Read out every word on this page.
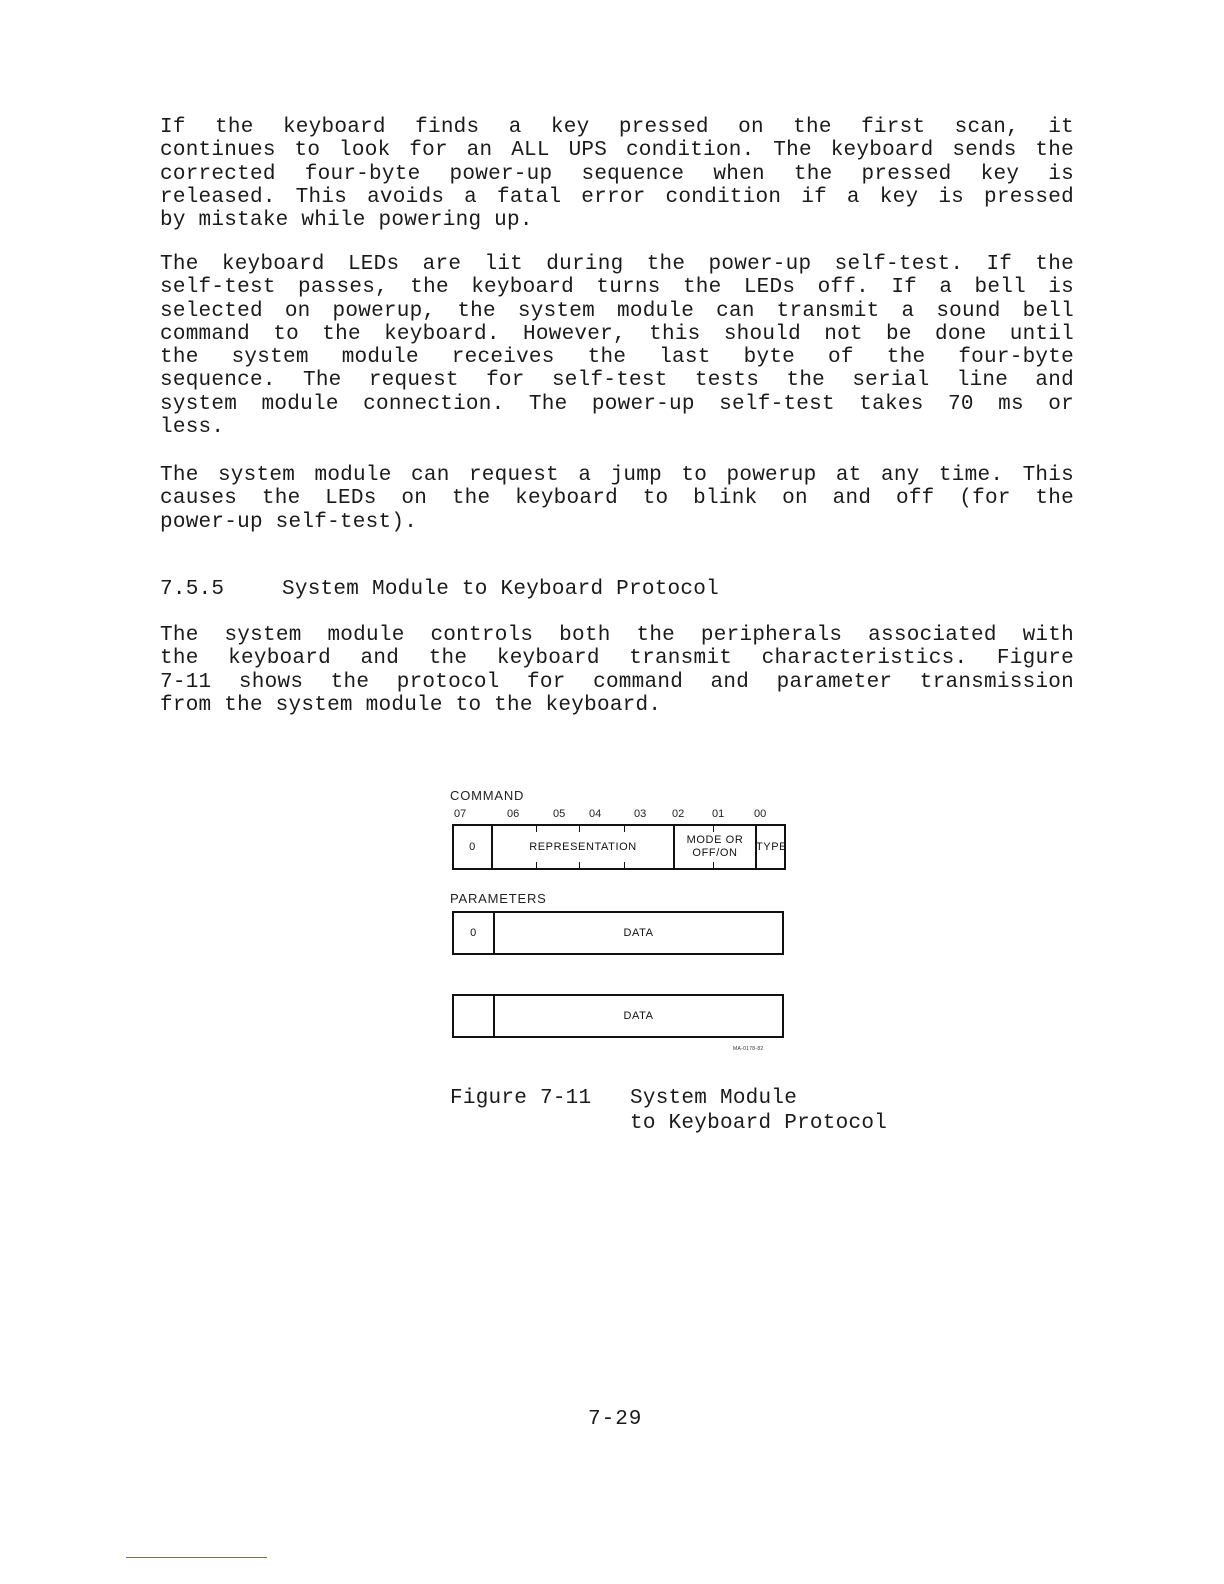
If the keyboard finds a key pressed on the first scan, it
continues to look for an ALL UPS condition. The keyboard sends the
corrected four-byte power-up sequence when the pressed key is
released. This avoids a fatal error condition if a key is pressed
by mistake while powering up.
The keyboard LEDs are lit during the power-up self-test. If the
self-test passes, the keyboard turns the LEDs off. If a bell is
selected on powerup, the system module can transmit a sound bell
command to the keyboard. However, this should not be done until
the system module receives the last byte of the four-byte
sequence. The request for self-test tests the serial line and
system module connection. The power-up self-test takes 70 ms or
less.
The system module can request a jump to powerup at any time. This
causes the LEDs on the keyboard to blink on and off (for the
power-up self-test).
7.5.5	System Module to Keyboard Protocol
The system module controls both the peripherals associated with
the keyboard and the keyboard transmit characteristics. Figure
7-11 shows the protocol for command and parameter transmission
from the system module to the keyboard.
COMMAND
07	06	05 04	03 02	01	00
0	REPRESENTATION
MODE OR
OFF/ON
TYPE
PARAMETERS
0	DATA
DATA
MA-0178-82
Figure 7-11 System Module
to Keyboard Protocol
7-29
